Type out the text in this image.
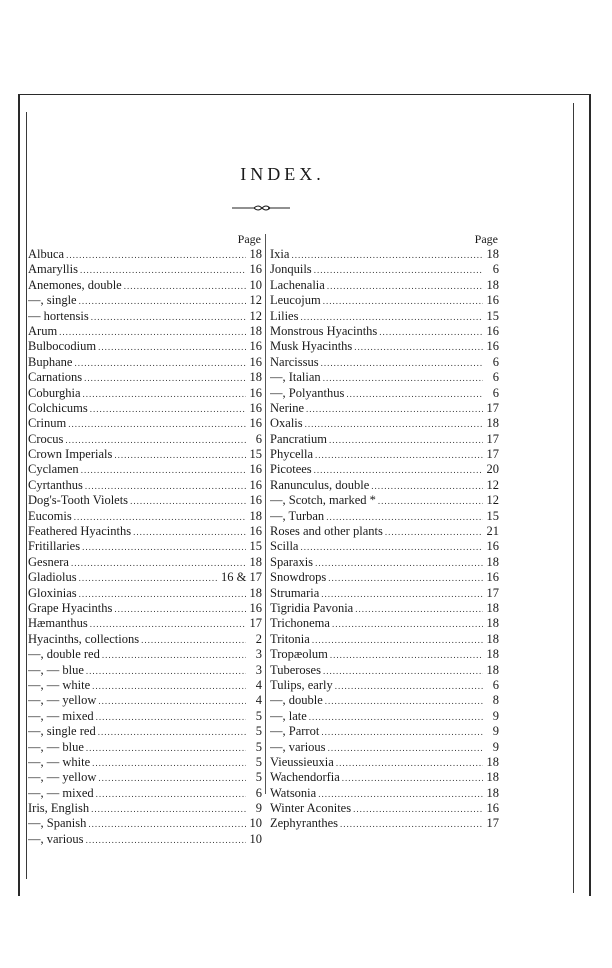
INDEX.
Page
Albuca .....	18
Amaryllis .....	16
Anemones, double .....	10
—, single .....	12
— hortensis .....	12
Arum .....	18
Bulbocodium .....	16
Buphane .....	16
Carnations .....	18
Coburghia .....	16
Colchicums .....	16
Crinum .....	16
Crocus .....	6
Crown Imperials .....	15
Cyclamen .....	16
Cyrtanthus .....	16
Dog's-Tooth Violets .....	16
Eucomis .....	18
Feathered Hyacinths .....	16
Fritillaries .....	15
Gesnera .....	18
Gladiolus .....	16 & 17
Gloxinias .....	18
Grape Hyacinths .....	16
Hæmanthus .....	17
Hyacinths, collections .....	2
—, double red .....	3
—, — blue .....	3
—, — white .....	4
—, — yellow .....	4
—, — mixed .....	5
—, single red .....	5
—, — blue .....	5
—, — white .....	5
—, — yellow .....	5
—, — mixed .....	6
Iris, English .....	9
—, Spanish .....	10
—, various .....	10
Page
Ixia .....	18
Jonquils .....	6
Lachenalia .....	18
Leucojum .....	16
Lilies .....	15
Monstrous Hyacinths .....	16
Musk Hyacinths .....	16
Narcissus .....	6
—, Italian .....	6
—, Polyanthus .....	6
Nerine .....	17
Oxalis .....	18
Pancratium .....	17
Phycella .....	17
Picotees .....	20
Ranunculus, double .....	12
—, Scotch, marked * .....	12
—, Turban .....	15
Roses and other plants .....	21
Scilla .....	16
Sparaxis .....	18
Snowdrops .....	16
Strumaria .....	17
Tigridia Pavonia .....	18
Trichonema .....	18
Tritonia .....	18
Tropæolum .....	18
Tuberoses .....	18
Tulips, early .....	6
—, double .....	8
—, late .....	9
—, Parrot .....	9
—, various .....	9
Vieussieuxia .....	18
Wachendorfia .....	18
Watsonia .....	18
Winter Aconites .....	16
Zephyranthes .....	17
